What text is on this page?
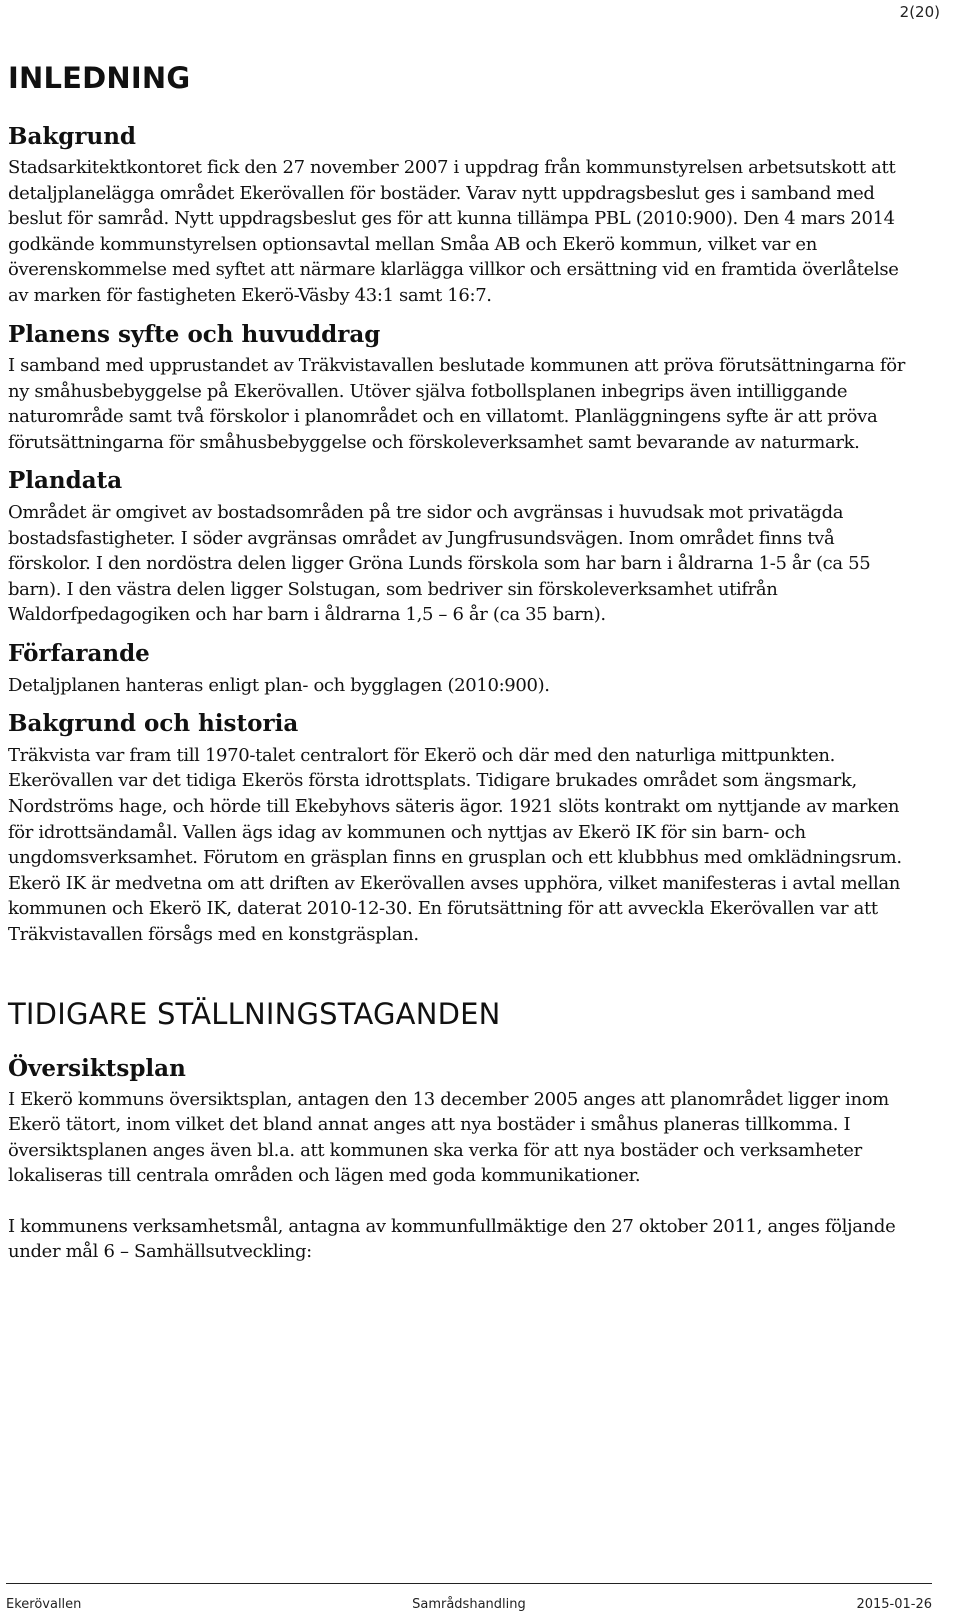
2(20)
INLEDNING
Bakgrund

Stadsarkitektkontoret fick den 27 november 2007 i uppdrag från kommunstyrelsen arbetsutskott att detaljplanelägga området Ekerövallen för bostäder. Varav nytt uppdragsbeslut ges i samband med beslut för samråd. Nytt uppdragsbeslut ges för att kunna tillämpa PBL (2010:900). Den 4 mars 2014 godkände kommunstyrelsen optionsavtal mellan Småa AB och Ekerö kommun, vilket var en överenskommelse med syftet att närmare klarlägga villkor och ersättning vid en framtida överlåtelse av marken för fastigheten Ekerö-Väsby 43:1 samt 16:7.

Planens syfte och huvuddrag

I samband med upprustandet av Träkvistavallen beslutade kommunen att pröva förutsättningarna för ny småhusbebyggelse på Ekerövallen. Utöver själva fotbollsplanen inbegrips även intilliggande naturområde samt två förskolor i planområdet och en villatomt. Planläggningens syfte är att pröva förutsättningarna för småhusbebyggelse och förskoleverksamhet samt bevarande av naturmark.

Plandata

Området är omgivet av bostadsområden på tre sidor och avgränsas i huvudsak mot privatägda bostadsfastigheter. I söder avgränsas området av Jungfrusundsvägen. Inom området finns två förskolor. I den nordöstra delen ligger Gröna Lunds förskola som har barn i åldrarna 1-5 år (ca 55 barn). I den västra delen ligger Solstugan, som bedriver sin förskoleverksamhet utifrån Waldorfpedagogiken och har barn i åldrarna 1,5 – 6 år (ca 35 barn).

Förfarande

Detaljplanen hanteras enligt plan- och bygglagen (2010:900).

Bakgrund och historia

Träkvista var fram till 1970-talet centralort för Ekerö och där med den naturliga mittpunkten. Ekerövallen var det tidiga Ekerös första idrottsplats. Tidigare brukades området som ängsmark, Nordströms hage, och hörde till Ekebyhovs säteris ägor. 1921 slöts kontrakt om nyttjande av marken för idrottsändamål. Vallen ägs idag av kommunen och nyttjas av Ekerö IK för sin barn- och ungdomsverksamhet. Förutom en gräsplan finns en grusplan och ett klubbhus med omklädningsrum. Ekerö IK är medvetna om att driften av Ekerövallen avses upphöra, vilket manifesteras i avtal mellan kommunen och Ekerö IK, daterat 2010-12-30. En förutsättning för att avveckla Ekerövallen var att Träkvistavallen försågs med en konstgräsplan.

TIDIGARE STÄLLNINGSTAGANDEN
Översiktsplan

I Ekerö kommuns översiktsplan, antagen den 13 december 2005 anges att planområdet ligger inom Ekerö tätort, inom vilket det bland annat anges att nya bostäder i småhus planeras tillkomma. I översiktsplanen anges även bl.a. att kommunen ska verka för att nya bostäder och verksamheter lokaliseras till centrala områden och lägen med goda kommunikationer.

I kommunens verksamhetsmål, antagna av kommunfullmäktige den 27 oktober 2011, anges följande under mål 6 – Samhällsutveckling:

Ekerövallen	Samrådshandling	2015-01-26
